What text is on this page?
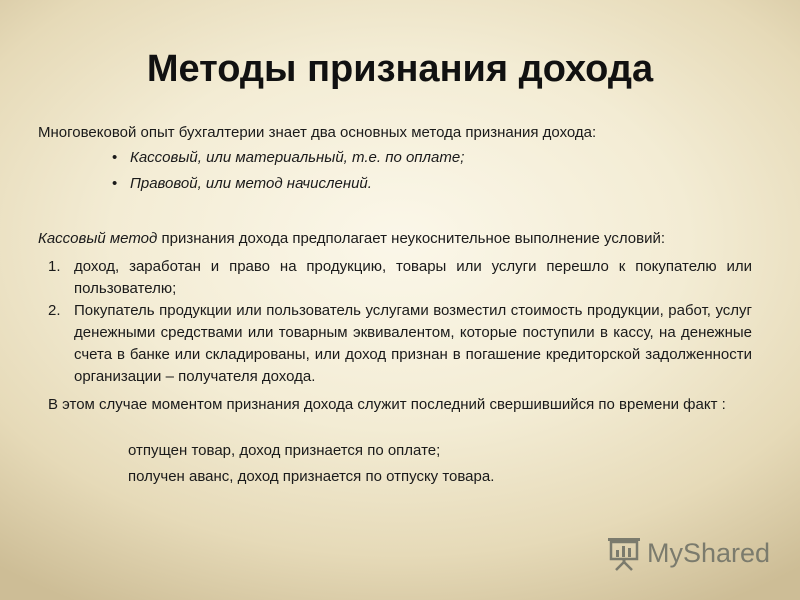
Методы признания дохода

Многовековой опыт бухгалтерии знает два основных метода признания дохода:

• Кассовый, или материальный, т.е. по оплате;
• Правовой, или метод начислений.

Кассовый метод признания дохода предполагает неукоснительное выполнение условий:

1. доход, заработан и право на продукцию, товары или услуги перешло к покупателю или пользователю;
2. Покупатель продукции или пользователь услугами возместил стоимость продукции, работ, услуг денежными средствами или товарным эквивалентом, которые поступили в кассу, на денежные счета в банке или складированы, или доход признан в погашение кредиторской задолженности организации – получателя дохода.

В этом случае моментом признания дохода служит последний свершившийся по времени факт :

отпущен товар, доход признается по оплате;

получен аванс, доход признается по отпуску товара.

MyShared
